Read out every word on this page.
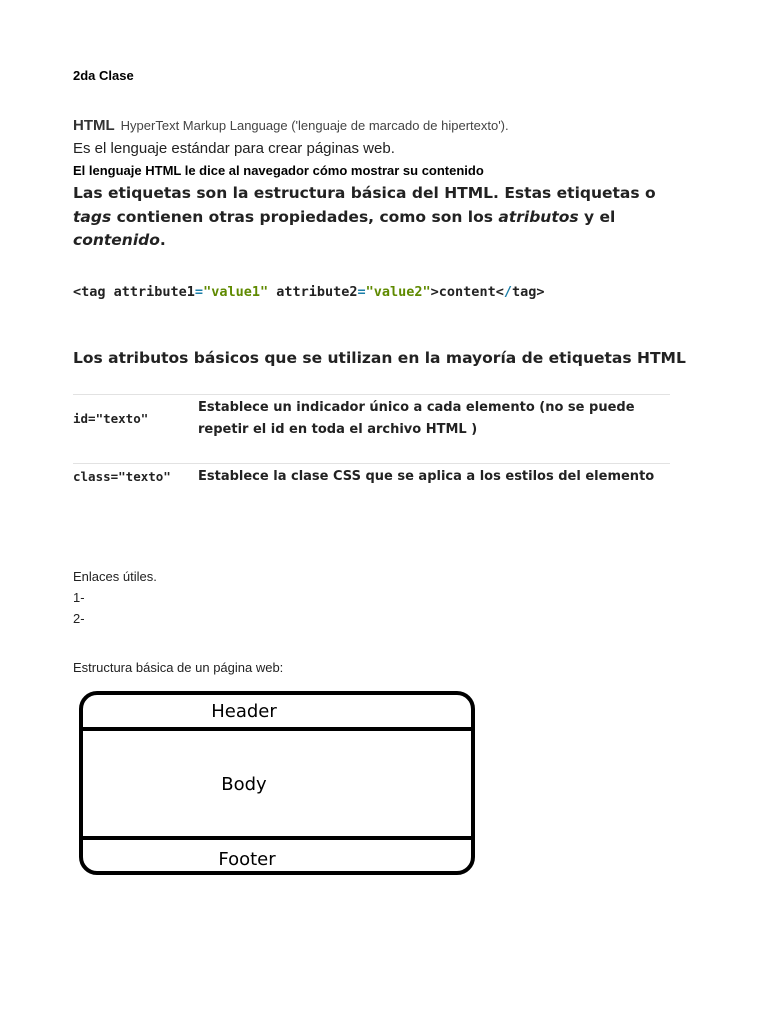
2da Clase
HTML HyperText Markup Language ('lenguaje de marcado de hipertexto').
Es el lenguaje estándar para crear páginas web.
El lenguaje HTML le dice al navegador cómo mostrar su contenido
Las etiquetas son la estructura básica del HTML. Estas etiquetas o tags contienen otras propiedades, como son los atributos y el contenido.
<tag attribute1="value1" attribute2="value2">content</tag>
Los atributos básicos que se utilizan en la mayoría de etiquetas HTML
id="texto"
Establece un indicador único a cada elemento (no se puede repetir el id en toda el archivo HTML )
class="texto" Establece la clase CSS que se aplica a los estilos del elemento
Enlaces útiles.
1-
2-
Estructura básica de un página web:
Header
Body
Footer
